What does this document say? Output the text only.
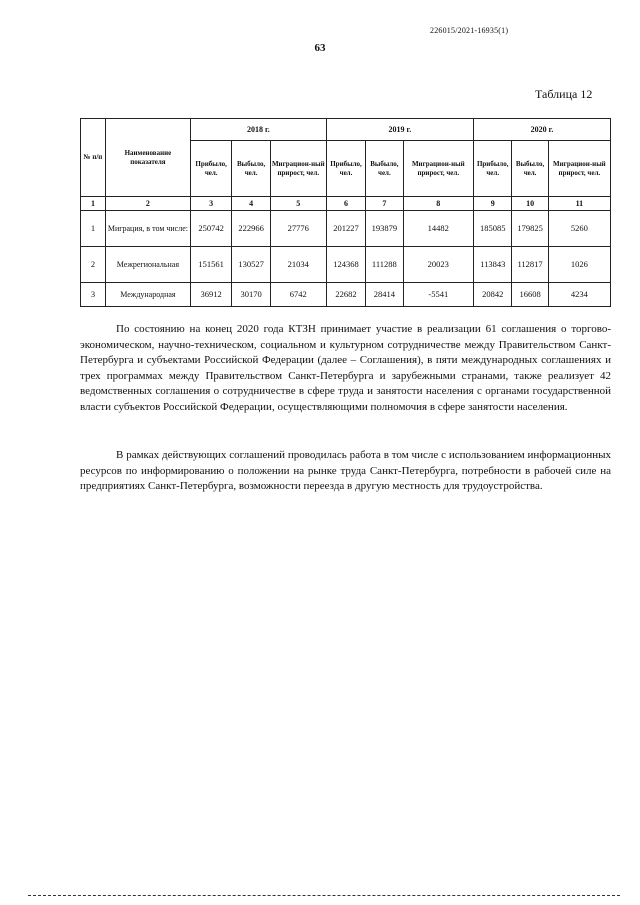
226015/2021-16935(1)
63
Таблица 12
№ п/п	Наименование показателя	2018 г.			2019 г.			2020 г.		
		Прибыло, чел.	Выбыло, чел.	Миграцион-ный прирост, чел.	Прибыло, чел.	Выбыло, чел.	Миграцион-ный прирост, чел.	Прибыло, чел.	Выбыло, чел.	Миграцион-ный прирост, чел.
1	2	3	4	5	6	7	8	9	10	11
1	Миграция, в том числе:	250742	222966	27776	201227	193879	14482	185085	179825	5260
2	Межрегиональная	151561	130527	21034	124368	111288	20023	113843	112817	1026
3	Международная	36912	30170	6742	22682	28414	-5541	20842	16608	4234

По состоянию на конец 2020 года КТЗН принимает участие в реализации 61 соглашения о торгово-экономическом, научно-техническом, социальном и культурном сотрудничестве между Правительством Санкт-Петербурга и субъектами Российской Федерации (далее – Соглашения), в пяти международных соглашениях и трех программах между Правительством Санкт-Петербурга и зарубежными странами, также реализует 42 ведомственных соглашения о сотрудничестве в сфере труда и занятости населения с органами государственной власти субъектов Российской Федерации, осуществляющими полномочия в сфере занятости населения.

В рамках действующих соглашений проводилась работа в том числе с использованием информационных ресурсов по информированию о положении на рынке труда Санкт-Петербурга, потребности в рабочей силе на предприятиях Санкт-Петербурга, возможности переезда в другую местность для трудоустройства.
